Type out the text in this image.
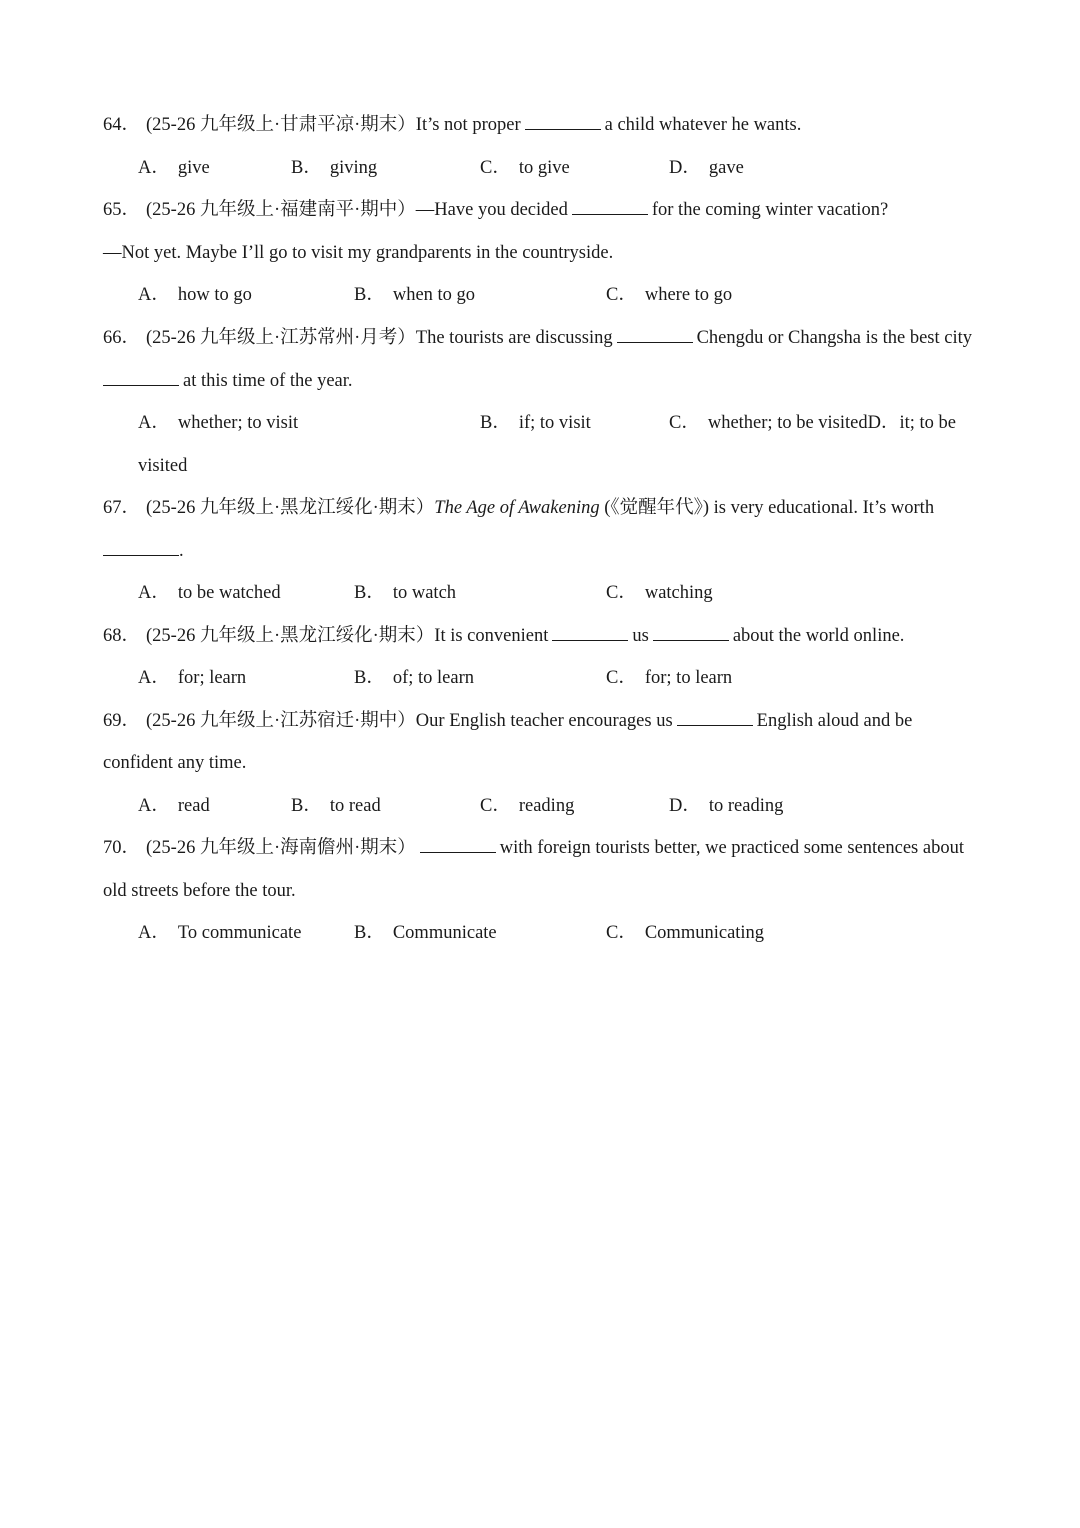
64． (25-26 九年级上·甘肃平凉·期末）It’s not proper	a child whatever he wants.
A． give	B． giving	C． to give	D． gave
65． (25-26 九年级上·福建南平·期中）—Have you decided	for the coming winter vacation?
—Not yet. Maybe I’ll go to visit my grandparents in the countryside.
A． how to go	B． when to go	C． where to go
66． (25-26 九年级上·江苏常州·月考）The tourists are discussing	Chengdu or Changsha is the best city
at this time of the year.
A． whether; to visit	B． if; to visit	C． whether; to be visitedD．it; to be
visited
67． (25-26 九年级上·黑龙江绥化·期末）The Age of Awakening (《觉醒年代》) is very educational. It’s worth
.
A． to be watched	B． to watch	C． watching
68． (25-26 九年级上·黑龙江绥化·期末）It is convenient	us	about the world online.
A． for; learn	B． of; to learn	C． for; to learn
69． (25-26 九年级上·江苏宿迁·期中）Our English teacher encourages us	English aloud and be
confident any time.
A． read	B． to read	C． reading	D． to reading
70． (25-26 九年级上·海南儋州·期末）	with foreign tourists better, we practiced some sentences about
old streets before the tour.
A． To communicate	B． Communicate	C． Communicating
